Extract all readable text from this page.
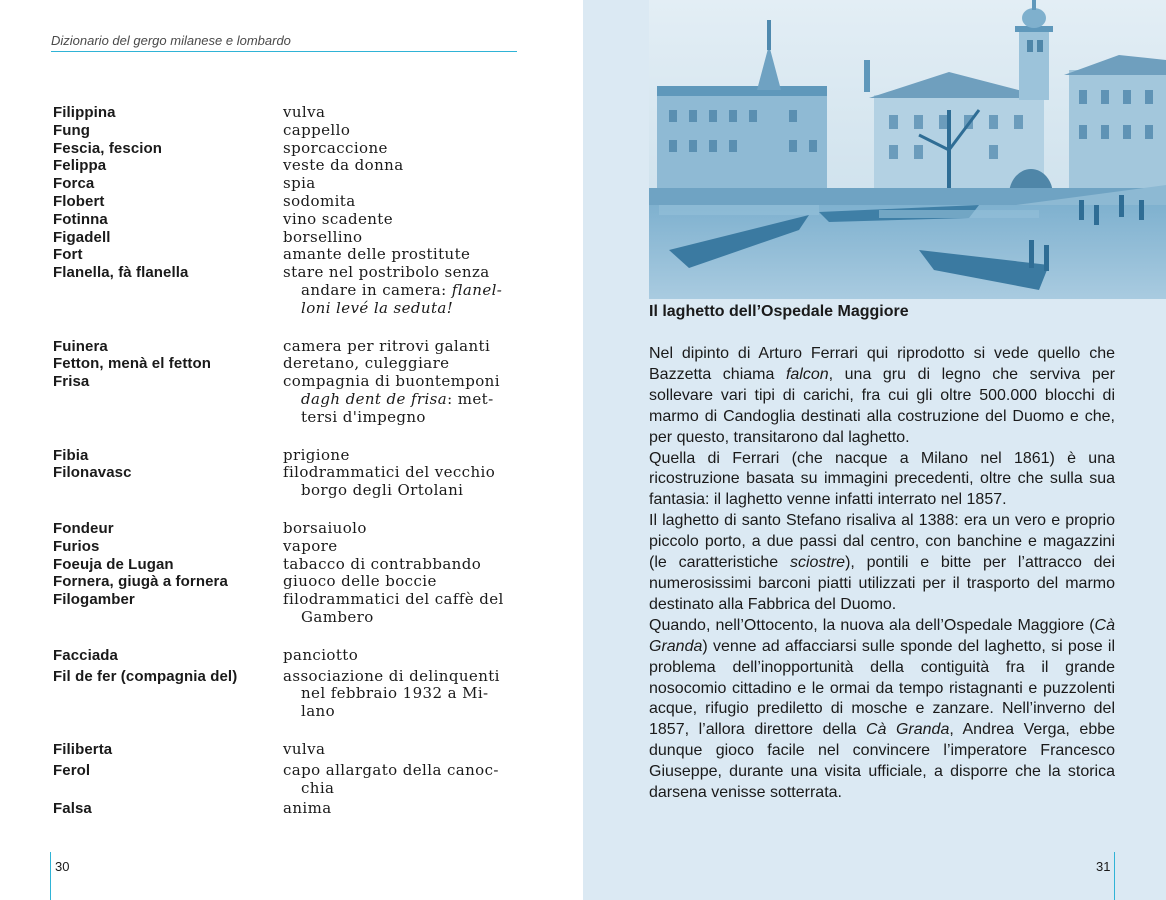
Dizionario del gergo milanese e lombardo
Filippina	vulva
Fung	cappello
Fescia, fescion	sporcaccione
Felippa	veste da donna
Forca	spia
Flobert	sodomita
Fotinna	vino scadente
Figadell	borsellino
Fort	amante delle prostitute
Flanella, fà flanella	stare nel postribolo senza
andare in camera: flanel-
loni levé la seduta!
Fuinera	camera per ritrovi galanti
Fetton, menà el fetton	deretano, culeggiare
Frisa	compagnia di buontemponi
dagh dent de frisa: met-
tersi d'impegno
Fibia	prigione
Filonavasc	filodrammatici del vecchio
borgo degli Ortolani
Fondeur	borsaiuolo
Furios	vapore
Foeuja de Lugan	tabacco di contrabbando
Fornera, giugà a fornera	giuoco delle boccie
Filogamber	filodrammatici del caffè del
Gambero
Facciada	panciotto
Fil de fer (compagnia del)	associazione di delinquenti
nel febbraio 1932 a Mi-
lano
Filiberta	vulva
Ferol	capo allargato della canoc-
chia
Falsa	anima
30
Il laghetto dell’Ospedale Maggiore

Nel dipinto di Arturo Ferrari qui riprodotto si vede quello che Bazzetta chiama falcon, una gru di legno che serviva per sollevare vari tipi di carichi, fra cui gli oltre 500.000 blocchi di marmo di Candoglia destinati alla costruzione del Duomo e che, per questo, transitarono dal laghetto.

Quella di Ferrari (che nacque a Milano nel 1861) è una ricostruzione basata su immagini precedenti, oltre che sulla sua fantasia: il laghetto venne infatti interrato nel 1857.

Il laghetto di santo Stefano risaliva al 1388: era un vero e proprio piccolo porto, a due passi dal centro, con banchine e magazzini (le caratteristiche sciostre), pontili e bitte per l’attracco dei numerosissimi barconi piatti utilizzati per il trasporto del marmo destinato alla Fabbrica del Duomo.

Quando, nell’Ottocento, la nuova ala dell’Ospedale Maggiore (Cà Granda) venne ad affacciarsi sulle sponde del laghetto, si pose il problema dell’inopportunità della contiguità fra il grande nosocomio cittadino e le ormai da tempo ristagnanti e puzzolenti acque, rifugio prediletto di mosche e zanzare. Nell’inverno del 1857, l’allora direttore della Cà Granda, Andrea Verga, ebbe dunque gioco facile nel convincere l’imperatore Francesco Giuseppe, durante una visita ufficiale, a disporre che la storica darsena venisse sotterrata.

31
